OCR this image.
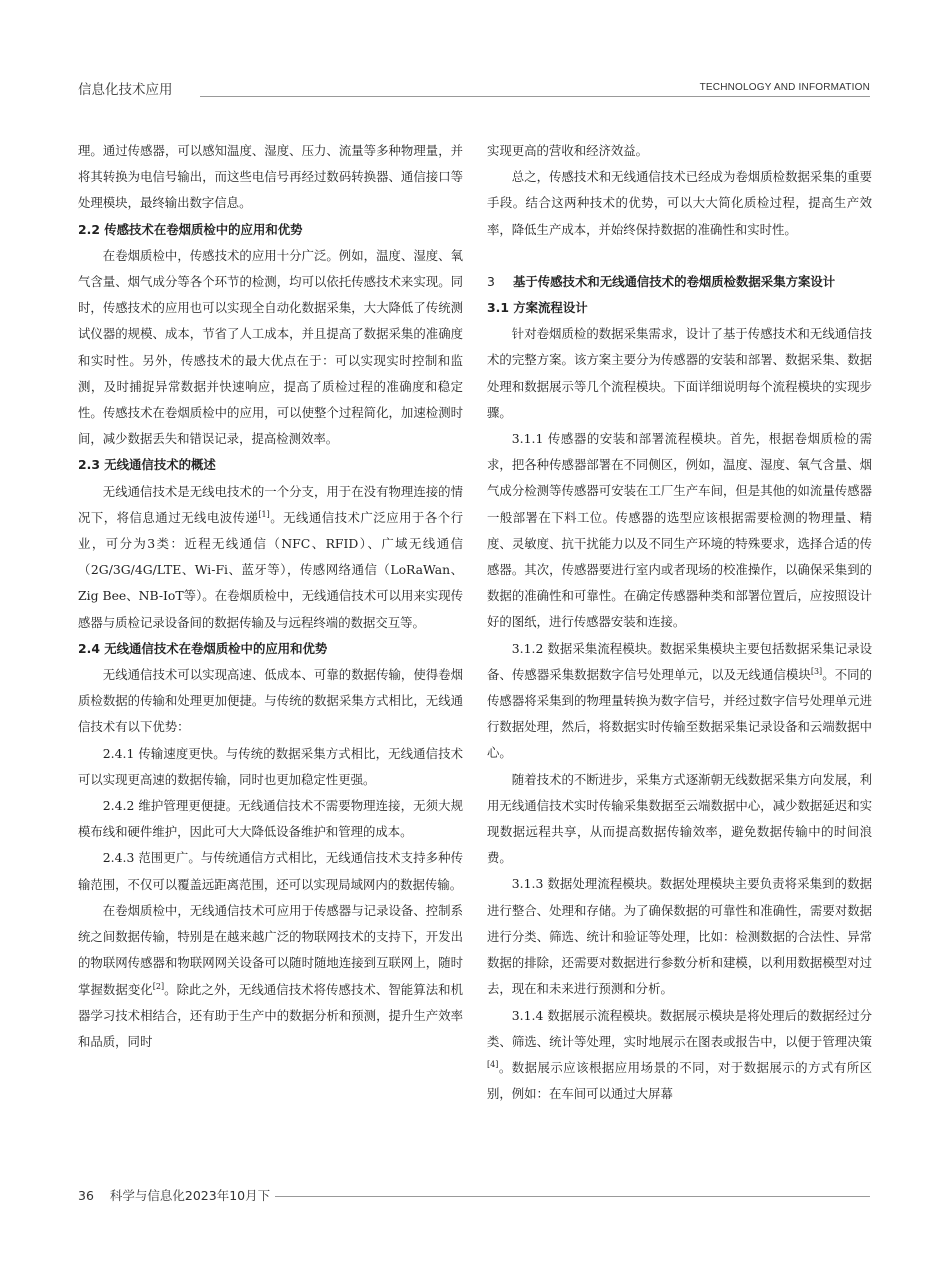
信息化技术应用	TECHNOLOGY AND INFORMATION

理。通过传感器，可以感知温度、湿度、压力、流量等多种物理量，并将其转换为电信号输出，而这些电信号再经过数码转换器、通信接口等处理模块，最终输出数字信息。

2.2 传感技术在卷烟质检中的应用和优势

在卷烟质检中，传感技术的应用十分广泛。例如，温度、湿度、氧气含量、烟气成分等各个环节的检测，均可以依托传感技术来实现。同时，传感技术的应用也可以实现全自动化数据采集，大大降低了传统测试仪器的规模、成本，节省了人工成本，并且提高了数据采集的准确度和实时性。另外，传感技术的最大优点在于：可以实现实时控制和监测，及时捕捉异常数据并快速响应，提高了质检过程的准确度和稳定性。传感技术在卷烟质检中的应用，可以使整个过程简化，加速检测时间，减少数据丢失和错误记录，提高检测效率。

2.3 无线通信技术的概述

无线通信技术是无线电技术的一个分支，用于在没有物理连接的情况下，将信息通过无线电波传递[1]。无线通信技术广泛应用于各个行业，可分为3类：近程无线通信（NFC、RFID）、广域无线通信（2G/3G/4G/LTE、Wi-Fi、蓝牙等），传感网络通信（LoRaWan、Zig Bee、NB-IoT等）。在卷烟质检中，无线通信技术可以用来实现传感器与质检记录设备间的数据传输及与远程终端的数据交互等。

2.4 无线通信技术在卷烟质检中的应用和优势

无线通信技术可以实现高速、低成本、可靠的数据传输，使得卷烟质检数据的传输和处理更加便捷。与传统的数据采集方式相比，无线通信技术有以下优势：

2.4.1 传输速度更快。与传统的数据采集方式相比，无线通信技术可以实现更高速的数据传输，同时也更加稳定性更强。

2.4.2 维护管理更便捷。无线通信技术不需要物理连接，无须大规模布线和硬件维护，因此可大大降低设备维护和管理的成本。

2.4.3 范围更广。与传统通信方式相比，无线通信技术支持多种传输范围，不仅可以覆盖远距离范围，还可以实现局域网内的数据传输。

在卷烟质检中，无线通信技术可应用于传感器与记录设备、控制系统之间数据传输，特别是在越来越广泛的物联网技术的支持下，开发出的物联网传感器和物联网网关设备可以随时随地连接到互联网上，随时掌握数据变化[2]。除此之外，无线通信技术将传感技术、智能算法和机器学习技术相结合，还有助于生产中的数据分析和预测，提升生产效率和品质，同时

实现更高的营收和经济效益。

总之，传感技术和无线通信技术已经成为卷烟质检数据采集的重要手段。结合这两种技术的优势，可以大大简化质检过程，提高生产效率，降低生产成本，并始终保持数据的准确性和实时性。

3 基于传感技术和无线通信技术的卷烟质检数据采集方案设计
3.1 方案流程设计

针对卷烟质检的数据采集需求，设计了基于传感技术和无线通信技术的完整方案。该方案主要分为传感器的安装和部署、数据采集、数据处理和数据展示等几个流程模块。下面详细说明每个流程模块的实现步骤。

3.1.1 传感器的安装和部署流程模块。首先，根据卷烟质检的需求，把各种传感器部署在不同侧区，例如，温度、湿度、氧气含量、烟气成分检测等传感器可安装在工厂生产车间，但是其他的如流量传感器一般部署在下料工位。传感器的选型应该根据需要检测的物理量、精度、灵敏度、抗干扰能力以及不同生产环境的特殊要求，选择合适的传感器。其次，传感器要进行室内或者现场的校准操作，以确保采集到的数据的准确性和可靠性。在确定传感器种类和部署位置后，应按照设计好的图纸，进行传感器安装和连接。

3.1.2 数据采集流程模块。数据采集模块主要包括数据采集记录设备、传感器采集数据数字信号处理单元，以及无线通信模块[3]。不同的传感器将采集到的物理量转换为数字信号，并经过数字信号处理单元进行数据处理，然后，将数据实时传输至数据采集记录设备和云端数据中心。

随着技术的不断进步，采集方式逐渐朝无线数据采集方向发展，利用无线通信技术实时传输采集数据至云端数据中心，减少数据延迟和实现数据远程共享，从而提高数据传输效率，避免数据传输中的时间浪费。

3.1.3 数据处理流程模块。数据处理模块主要负责将采集到的数据进行整合、处理和存储。为了确保数据的可靠性和准确性，需要对数据进行分类、筛选、统计和验证等处理，比如：检测数据的合法性、异常数据的排除，还需要对数据进行参数分析和建模，以利用数据模型对过去，现在和未来进行预测和分析。

3.1.4 数据展示流程模块。数据展示模块是将处理后的数据经过分类、筛选、统计等处理，实时地展示在图表或报告中，以便于管理决策[4]。数据展示应该根据应用场景的不同，对于数据展示的方式有所区别，例如：在车间可以通过大屏幕

36 科学与信息化2023年10月下
